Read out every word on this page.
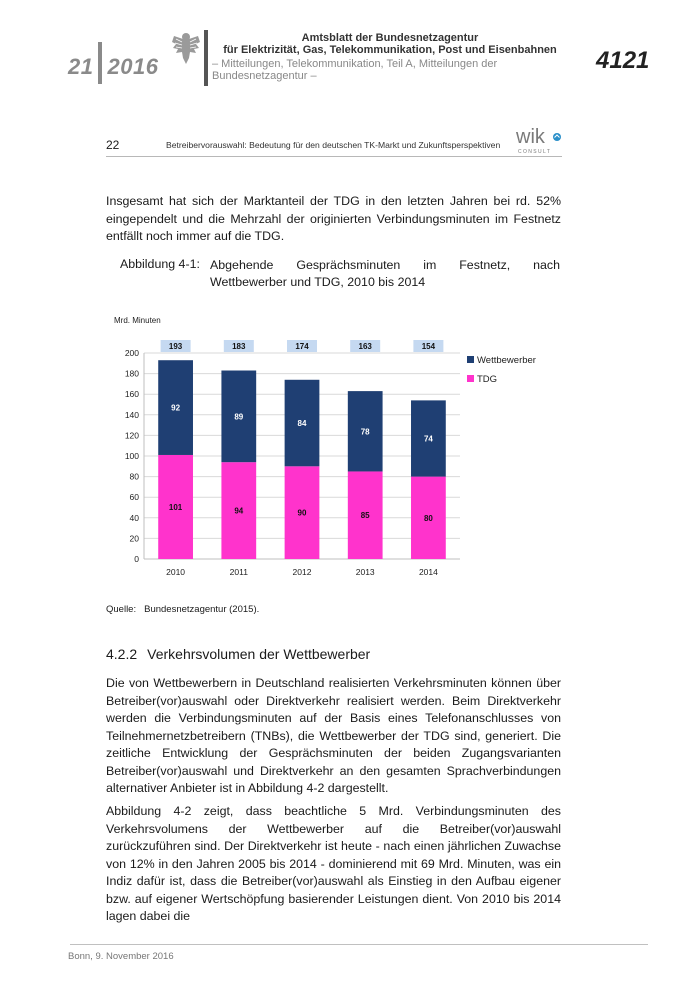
21 2016
Amtsblatt der Bundesnetzagentur
für Elektrizität, Gas, Telekommunikation, Post und Eisenbahnen
– Mitteilungen, Telekommunikation, Teil A, Mitteilungen der Bundesnetzagentur –
4121
22	Betreibervorauswahl: Bedeutung für den deutschen TK-Markt und Zukunftsperspektiven wik
C O N S U L T
Insgesamt hat sich der Marktanteil der TDG in den letzten Jahren bei rd. 52% eingependelt und die Mehrzahl der originierten Verbindungsminuten im Festnetz entfällt noch immer auf die TDG.
Abbildung 4-1: Abgehende Gesprächsminuten im Festnetz, nach Wettbewerber und TDG, 2010 bis 2014
Mrd. Minuten
0
20
40
60
80
100
120
140
160
180
200
101
92
193
2010
94
89
183
2011
90
84
174
2012
85
78
163
2013
80
74
154
2014
Wettbewerber
TDG
Quelle: Bundesnetzagentur (2015).
4.2.2 Verkehrsvolumen der Wettbewerber
Die von Wettbewerbern in Deutschland realisierten Verkehrsminuten können über Betreiber(vor)auswahl oder Direktverkehr realisiert werden. Beim Direktverkehr werden die Verbindungsminuten auf der Basis eines Telefonanschlusses von Teilnehmernetzbetreibern (TNBs), die Wettbewerber der TDG sind, generiert. Die zeitliche Entwicklung der Gesprächsminuten der beiden Zugangsvarianten Betreiber(vor)auswahl und Direktverkehr an den gesamten Sprachverbindungen alternativer Anbieter ist in Abbildung 4-2 dargestellt.
Abbildung 4-2 zeigt, dass beachtliche 5 Mrd. Verbindungsminuten des Verkehrsvolumens der Wettbewerber auf die Betreiber(vor)auswahl zurückzuführen sind. Der Direktverkehr ist heute - nach einen jährlichen Zuwachse von 12% in den Jahren 2005 bis 2014 - dominierend mit 69 Mrd. Minuten, was ein Indiz dafür ist, dass die Betreiber(vor)auswahl als Einstieg in den Aufbau eigener bzw. auf eigener Wertschöpfung basierender Leistungen dient. Von 2010 bis 2014 lagen dabei die
Bonn, 9. November 2016
